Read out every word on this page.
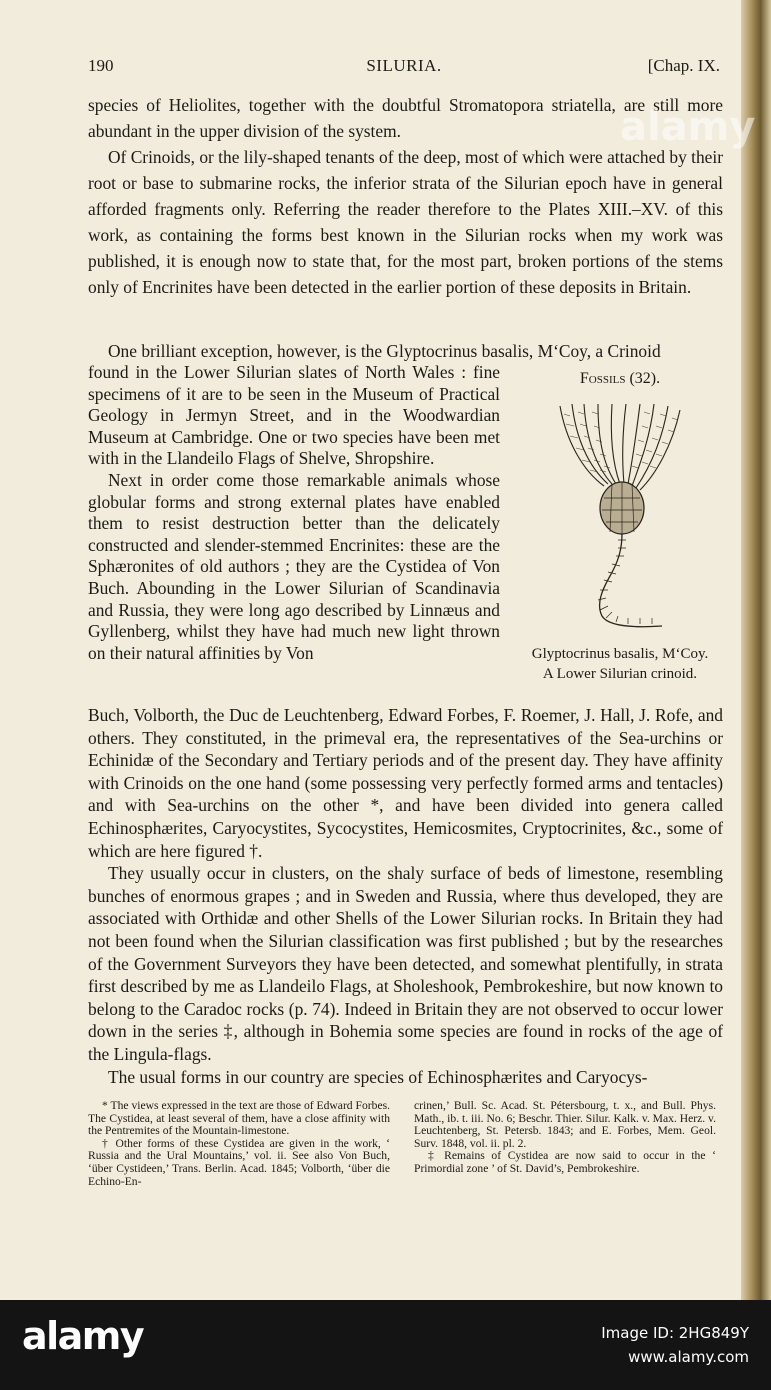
190	SILURIA.	[Chap. IX.

species of Heliolites, together with the doubtful Stromatopora striatella, are still more abundant in the upper division of the system.

Of Crinoids, or the lily-shaped tenants of the deep, most of which were attached by their root or base to submarine rocks, the inferior strata of the Silurian epoch have in general afforded fragments only. Referring the reader therefore to the Plates XIII.–XV. of this work, as containing the forms best known in the Silurian rocks when my work was published, it is enough now to state that, for the most part, broken portions of the stems only of Encrinites have been detected in the earlier portion of these deposits in Britain.

One brilliant exception, however, is the Glyptocrinus basalis, M‘Coy, a Crinoid

found in the Lower Silurian slates of North Wales : fine specimens of it are to be seen in the Museum of Practical Geology in Jermyn Street, and in the Woodwardian Museum at Cambridge. One or two species have been met with in the Llandeilo Flags of Shelve, Shropshire.

Next in order come those remarkable animals whose globular forms and strong external plates have enabled them to resist destruction better than the delicately constructed and slender-stemmed Encrinites: these are the Sphæronites of old authors ; they are the Cystidea of Von Buch. Abounding in the Lower Silurian of Scandinavia and Russia, they were long ago described by Linnæus and Gyllenberg, whilst they have had much new light thrown on their natural affinities by Von

Fossils (32).
Glyptocrinus basalis, M‘Coy.
A Lower Silurian crinoid.

Buch, Volborth, the Duc de Leuchtenberg, Edward Forbes, F. Roemer, J. Hall, J. Rofe, and others. They constituted, in the primeval era, the representatives of the Sea-urchins or Echinidæ of the Secondary and Tertiary periods and of the present day. They have affinity with Crinoids on the one hand (some possessing very perfectly formed arms and tentacles) and with Sea-urchins on the other *, and have been divided into genera called Echinosphærites, Caryocystites, Sycocystites, Hemicosmites, Cryptocrinites, &c., some of which are here figured †.

They usually occur in clusters, on the shaly surface of beds of limestone, resembling bunches of enormous grapes ; and in Sweden and Russia, where thus developed, they are associated with Orthidæ and other Shells of the Lower Silurian rocks. In Britain they had not been found when the Silurian classification was first published ; but by the researches of the Government Surveyors they have been detected, and somewhat plentifully, in strata first described by me as Llandeilo Flags, at Sholeshook, Pembrokeshire, but now known to belong to the Caradoc rocks (p. 74). Indeed in Britain they are not observed to occur lower down in the series ‡, although in Bohemia some species are found in rocks of the age of the Lingula-flags.

The usual forms in our country are species of Echinosphærites and Caryocys-

* The views expressed in the text are those of Edward Forbes. The Cystidea, at least several of them, have a close affinity with the Pentremites of the Mountain-limestone.

† Other forms of these Cystidea are given in the work, ‘ Russia and the Ural Mountains,’ vol. ii. See also Von Buch, ‘über Cystideen,’ Trans. Berlin. Acad. 1845; Volborth, ‘über die Echino-En-

crinen,’ Bull. Sc. Acad. St. Pétersbourg, t. x., and Bull. Phys. Math., ib. t. iii. No. 6; Beschr. Thier. Silur. Kalk. v. Max. Herz. v. Leuchtenberg, St. Petersb. 1843; and E. Forbes, Mem. Geol. Surv. 1848, vol. ii. pl. 2.

‡ Remains of Cystidea are now said to occur in the ‘ Primordial zone ’ of St. David’s, Pembrokeshire.

alamy
alamy	Image ID: 2HG849Y
www.alamy.com
